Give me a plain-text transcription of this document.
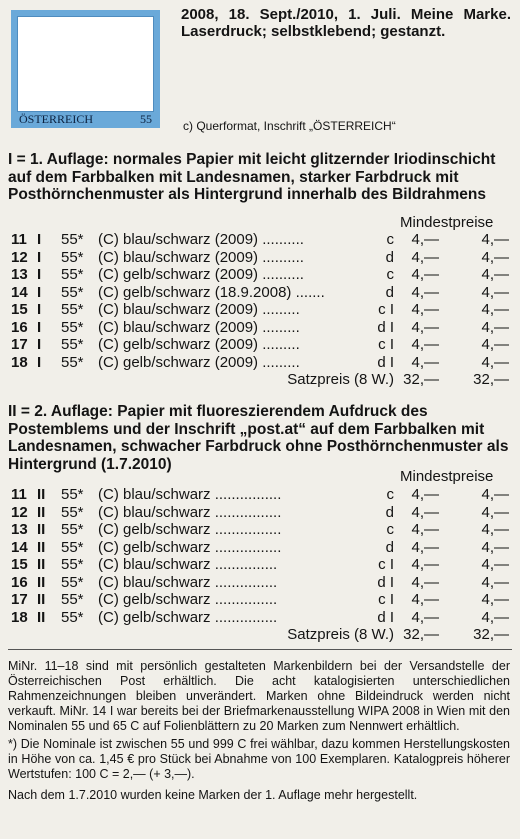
ÖSTERREICH	55
2008, 18. Sept./2010, 1. Juli. Meine Marke. Laserdruck; selbstklebend; gestanzt.
c) Querformat, Inschrift „ÖSTERREICH“
I = 1. Auflage: normales Papier mit leicht glitzernder Iriodinschicht auf dem Farbbalken mit Landesnamen, starker Farbdruck mit Posthörnchenmuster als Hintergrund innerhalb des Bildrahmens
Mindestpreise
11 I 55* (C) blau/schwarz (2009) ..........	c 4,—	4,—
12 I 55* (C) blau/schwarz (2009) ..........	d 4,—	4,—
13 I 55* (C) gelb/schwarz (2009) ..........	c 4,—	4,—
14 I 55* (C) gelb/schwarz (18.9.2008) .......	d 4,—	4,—
15 I 55* (C) blau/schwarz (2009) .........	c I 4,—	4,—
16 I 55* (C) blau/schwarz (2009) .........	d I 4,—	4,—
17 I 55* (C) gelb/schwarz (2009) .........	c I 4,—	4,—
18 I 55* (C) gelb/schwarz (2009) .........	d I 4,—	4,—
Satzpreis (8 W.) 32,— 32,—
II = 2. Auflage: Papier mit fluoreszierendem Aufdruck des Postemblems und der Inschrift „post.at“ auf dem Farbbalken mit Landesnamen, schwacher Farbdruck ohne Posthörnchenmuster als Hintergrund (1.7.2010)
Mindestpreise
11 II 55* (C) blau/schwarz ................	c 4,—	4,—
12 II 55* (C) blau/schwarz ................	d 4,—	4,—
13 II 55* (C) gelb/schwarz ................	c 4,—	4,—
14 II 55* (C) gelb/schwarz ................	d 4,—	4,—
15 II 55* (C) blau/schwarz ...............	c I 4,—	4,—
16 II 55* (C) blau/schwarz ...............	d I 4,—	4,—
17 II 55* (C) gelb/schwarz ...............	c I 4,—	4,—
18 II 55* (C) gelb/schwarz ...............	d I 4,—	4,—
Satzpreis (8 W.) 32,— 32,—
MiNr. 11–18 sind mit persönlich gestalteten Markenbildern bei der Versandstelle der Österreichischen Post erhältlich. Die acht katalogisierten unterschiedlichen Rahmenzeichnungen bleiben unverändert. Marken ohne Bildeindruck werden nicht verkauft. MiNr. 14 I war bereits bei der Briefmarkenausstellung WIPA 2008 in Wien mit den Nominalen 55 und 65 C auf Folienblättern zu 20 Marken zum Nennwert erhältlich.
*) Die Nominale ist zwischen 55 und 999 C frei wählbar, dazu kommen Herstellungskosten in Höhe von ca. 1,45 € pro Stück bei Abnahme von 100 Exemplaren. Katalogpreis höherer Wertstufen: 100 C = 2,— (+ 3,—).
Nach dem 1.7.2010 wurden keine Marken der 1. Auflage mehr hergestellt.
